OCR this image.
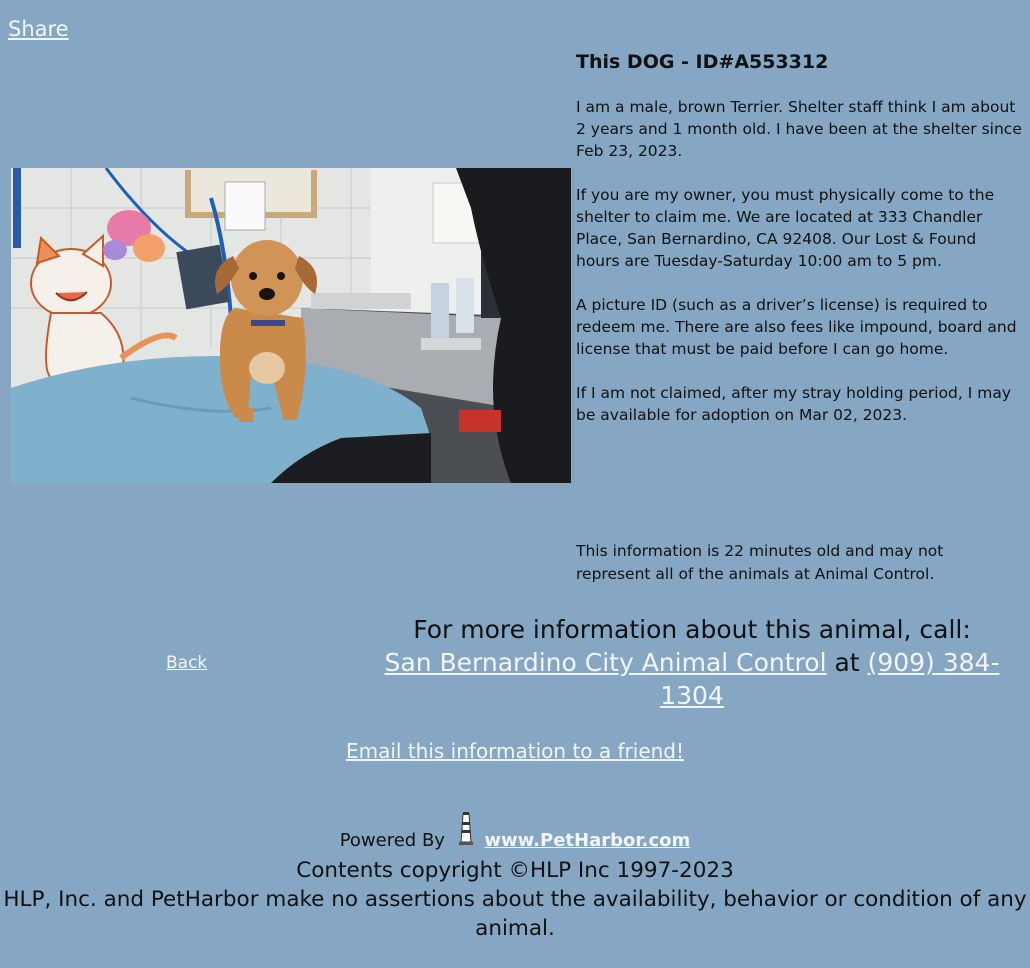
Share
This DOG - ID#A553312
I am a male, brown Terrier. Shelter staff think I am about 2 years and 1 month old. I have been at the shelter since Feb 23, 2023.
If you are my owner, you must physically come to the shelter to claim me. We are located at 333 Chandler Place, San Bernardino, CA 92408. Our Lost & Found hours are Tuesday-Saturday 10:00 am to 5 pm.
A picture ID (such as a driver’s license) is required to redeem me. There are also fees like impound, board and license that must be paid before I can go home.
If I am not claimed, after my stray holding period, I may be available for adoption on Mar 02, 2023.
This information is 22 minutes old and may not represent all of the animals at Animal Control.
Back
For more information about this animal, call:
San Bernardino City Animal Control at (909) 384-1304
Email this information to a friend!
Powered By www.PetHarbor.com
Contents copyright ©HLP Inc 1997-2023
HLP, Inc. and PetHarbor make no assertions about the availability, behavior or condition of any animal.
